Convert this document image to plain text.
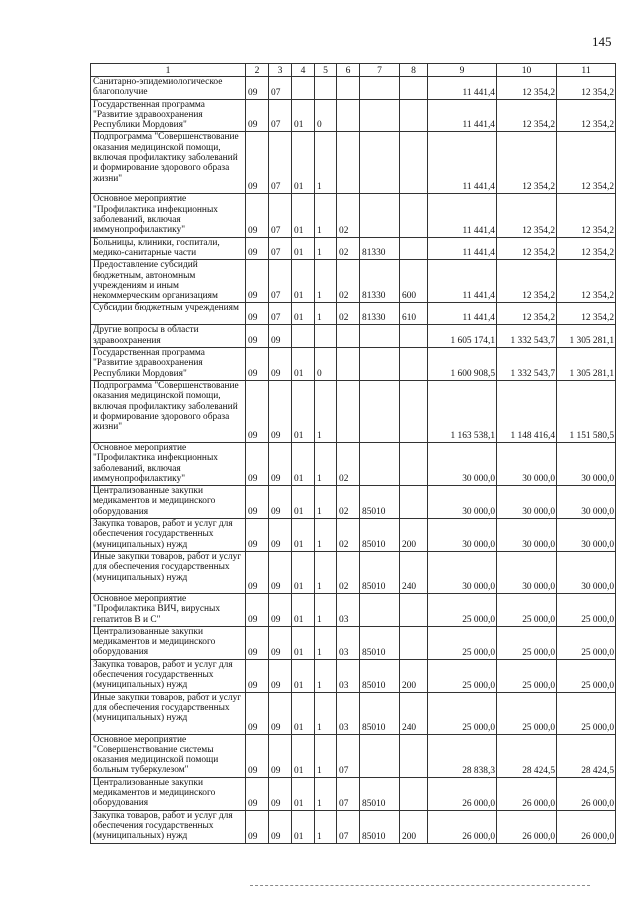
145
1	2	3	4	5	6	7	8	9	10	11
Санитарно-эпидемиологическое благополучие	09	07						11 441,4	12 354,2	12 354,2
Государственная программа "Развитие здравоохранения Республики Мордовия"	09	07	01	0				11 441,4	12 354,2	12 354,2
Подпрограмма "Совершенствование оказания медицинской помощи, включая профилактику заболеваний и формирование здорового образа жизни"	09	07	01	1				11 441,4	12 354,2	12 354,2
Основное мероприятие "Профилактика инфекционных заболеваний, включая иммунопрофилактику"	09	07	01	1	02			11 441,4	12 354,2	12 354,2
Больницы, клиники, госпитали, медико-санитарные части	09	07	01	1	02	81330		11 441,4	12 354,2	12 354,2
Предоставление субсидий бюджетным, автономным учреждениям и иным некоммерческим организациям	09	07	01	1	02	81330	600	11 441,4	12 354,2	12 354,2
Субсидии бюджетным учреждениям	09	07	01	1	02	81330	610	11 441,4	12 354,2	12 354,2
Другие вопросы в области здравоохранения	09	09						1 605 174,1	1 332 543,7	1 305 281,1
Государственная программа "Развитие здравоохранения Республики Мордовия"	09	09	01	0				1 600 908,5	1 332 543,7	1 305 281,1
Подпрограмма "Совершенствование оказания медицинской помощи, включая профилактику заболеваний и формирование здорового образа жизни"	09	09	01	1				1 163 538,1	1 148 416,4	1 151 580,5
Основное мероприятие "Профилактика инфекционных заболеваний, включая иммунопрофилактику"	09	09	01	1	02			30 000,0	30 000,0	30 000,0
Централизованные закупки медикаментов и медицинского оборудования	09	09	01	1	02	85010		30 000,0	30 000,0	30 000,0
Закупка товаров, работ и услуг для обеспечения государственных (муниципальных) нужд	09	09	01	1	02	85010	200	30 000,0	30 000,0	30 000,0
Иные закупки товаров, работ и услуг для обеспечения государственных (муниципальных) нужд	09	09	01	1	02	85010	240	30 000,0	30 000,0	30 000,0
Основное мероприятие "Профилактика ВИЧ, вирусных гепатитов В и С"	09	09	01	1	03			25 000,0	25 000,0	25 000,0
Централизованные закупки медикаментов и медицинского оборудования	09	09	01	1	03	85010		25 000,0	25 000,0	25 000,0
Закупка товаров, работ и услуг для обеспечения государственных (муниципальных) нужд	09	09	01	1	03	85010	200	25 000,0	25 000,0	25 000,0
Иные закупки товаров, работ и услуг для обеспечения государственных (муниципальных) нужд	09	09	01	1	03	85010	240	25 000,0	25 000,0	25 000,0
Основное мероприятие "Совершенствование системы оказания медицинской помощи больным туберкулезом"	09	09	01	1	07			28 838,3	28 424,5	28 424,5
Централизованные закупки медикаментов и медицинского оборудования	09	09	01	1	07	85010		26 000,0	26 000,0	26 000,0
Закупка товаров, работ и услуг для обеспечения государственных (муниципальных) нужд	09	09	01	1	07	85010	200	26 000,0	26 000,0	26 000,0
